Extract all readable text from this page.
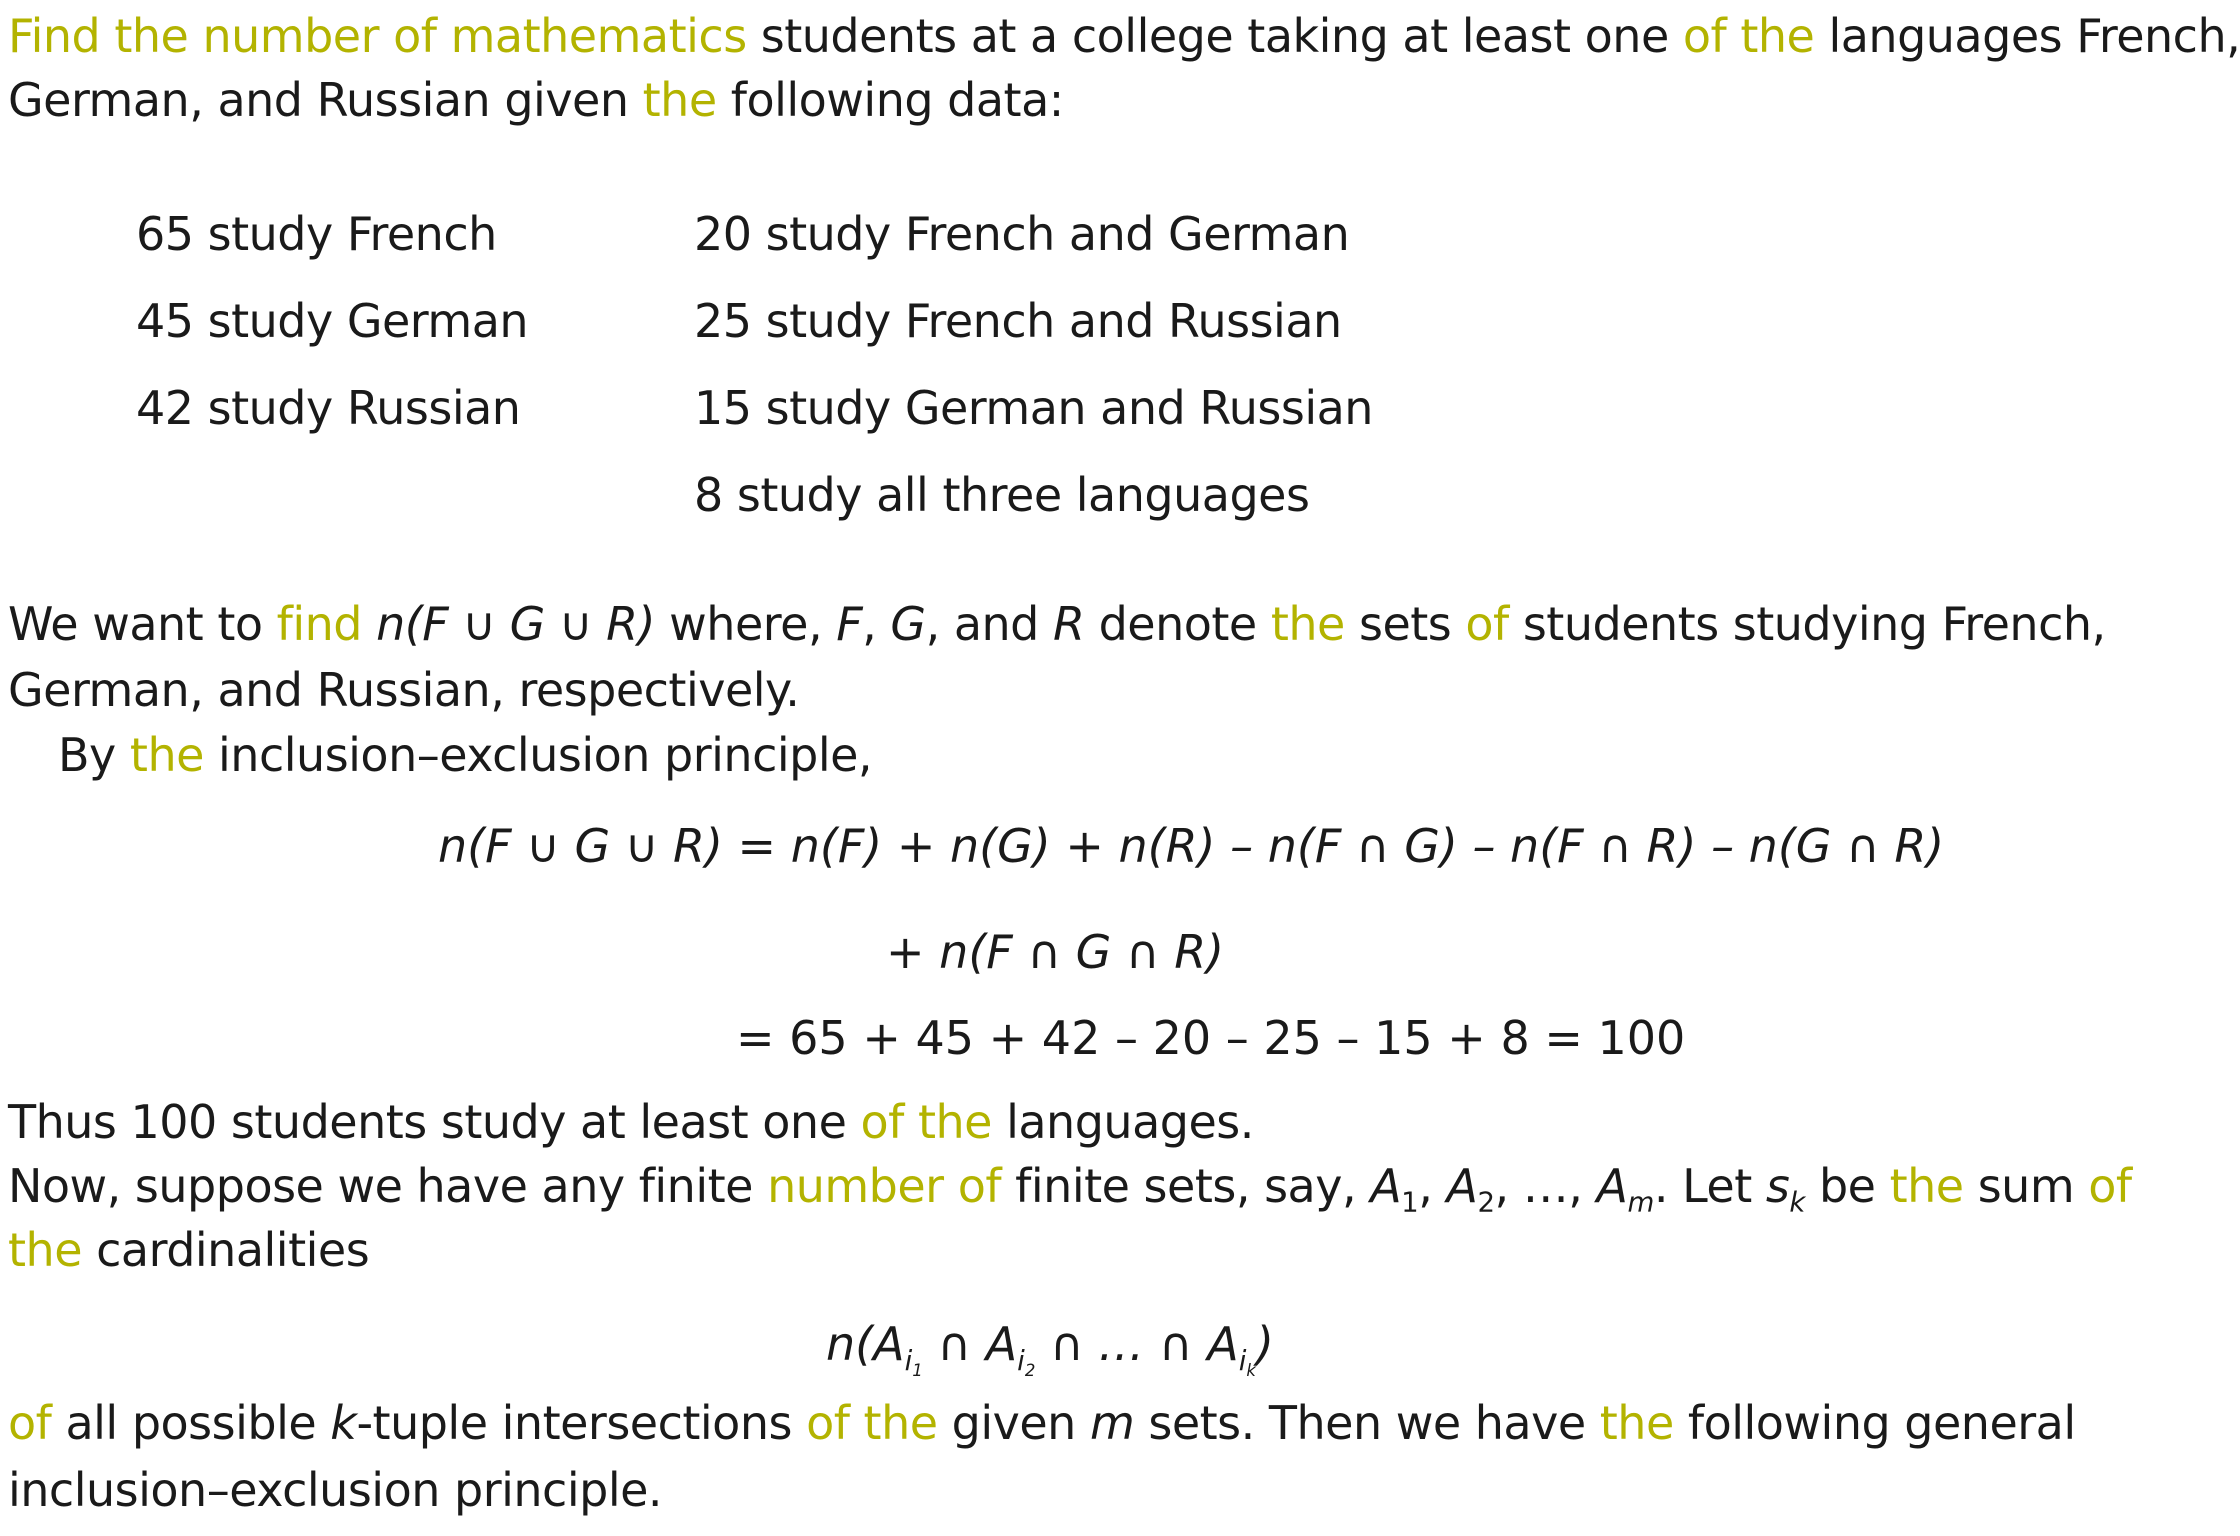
Find the number of mathematics students at a college taking at least one of the languages French,
German, and Russian given the following data:
65 study French
45 study German
42 study Russian
20 study French and German
25 study French and Russian
15 study German and Russian
8 study all three languages
We want to find n(F ∪ G ∪ R) where, F, G, and R denote the sets of students studying French,
German, and Russian, respectively.
By the inclusion–exclusion principle,
n(F ∪ G ∪ R) = n(F) + n(G) + n(R) – n(F ∩ G) – n(F ∩ R) – n(G ∩ R)
+ n(F ∩ G ∩ R)
= 65 + 45 + 42 – 20 – 25 – 15 + 8 = 100
Thus 100 students study at least one of the languages.
Now, suppose we have any finite number of finite sets, say, $A_1$, $A_2$, …, $A_m$. Let $s_k$ be the sum of
the cardinalities
$n(A_{i_1}$ ∩ $A_{i_2}$ ∩ … ∩ $A_{i_k}$)
of all possible k-tuple intersections of the given m sets. Then we have the following general
inclusion–exclusion principle.
